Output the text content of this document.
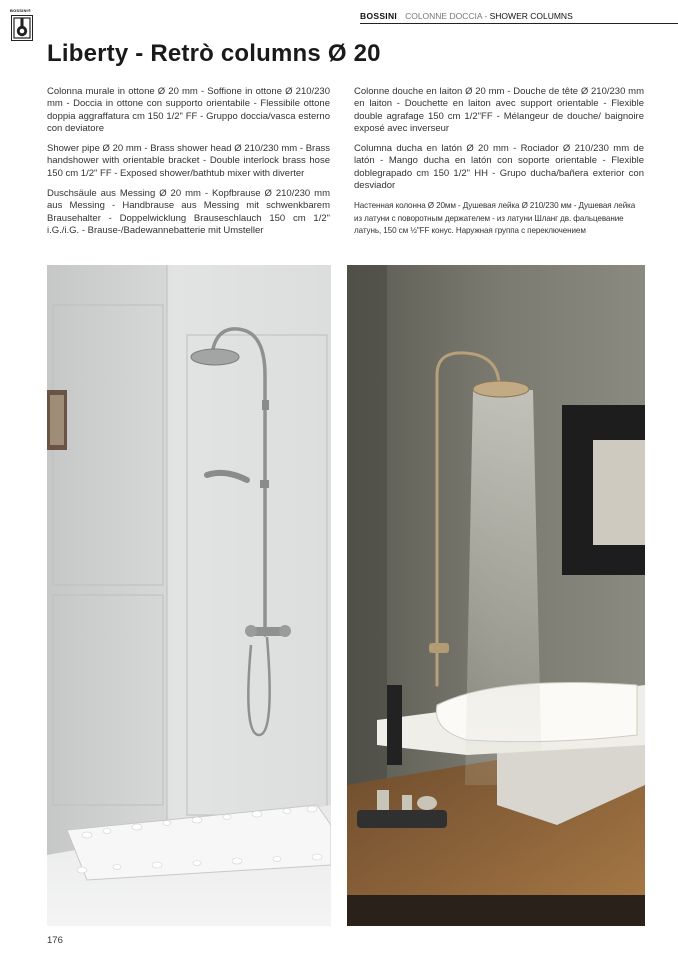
BOSSINI®
BOSSINI COLONNE DOCCIA - SHOWER COLUMNS
Liberty - Retrò columns Ø 20

Colonna murale in ottone Ø 20 mm - Soffione in ottone Ø 210/230 mm - Doccia in ottone con supporto orientabile - Flessibile ottone doppia aggraffatura cm 150 1/2" FF - Gruppo doccia/vasca esterno con deviatore

Shower pipe Ø 20 mm - Brass shower head Ø 210/230 mm - Brass handshower with orientable bracket - Double interlock brass hose 150 cm 1/2" FF - Exposed shower/bathtub mixer with diverter

Duschsäule aus Messing Ø 20 mm - Kopfbrause Ø 210/230 mm aus Messing - Handbrause aus Messing mit schwenkbarem Brausehalter - Doppelwicklung Brauseschlauch 150 cm 1/2" i.G./i.G. - Brause-/Badewannebatterie mit Umsteller

Colonne douche en laiton Ø 20 mm - Douche de tête Ø 210/230 mm en laiton - Douchette en laiton avec support orientable - Flexible double agrafage 150 cm 1/2"FF - Mélangeur de douche/ baignoire exposé avec inverseur

Columna ducha en latón Ø 20 mm - Rociador Ø 210/230 mm de latón - Mango ducha en latón con soporte orientable - Flexible doblegrapado cm 150 1/2" HH - Grupo ducha/bañera exterior con desviador

Настенная колонна Ø 20мм - Душевая лейка Ø 210/230 мм - Душевая лейка из латуни с поворотным держателем - из латуни Шланг дв. фальцевание латунь, 150 см ½"FF конус. Наружная группа с переключением

176
